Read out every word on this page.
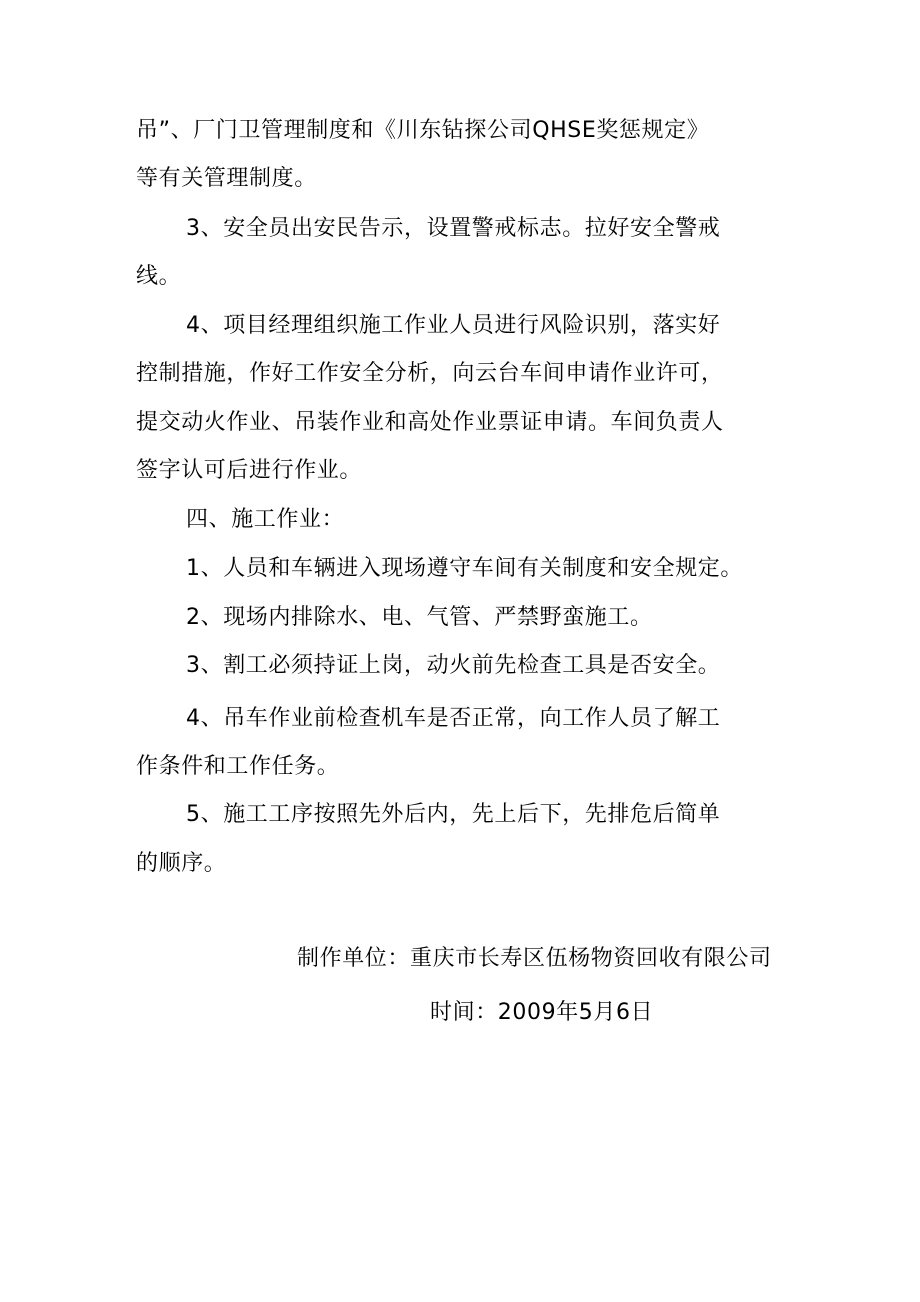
吊”、厂门卫管理制度和《川东钻探公司QHSE奖惩规定》
等有关管理制度。
3、安全员出安民告示，设置警戒标志。拉好安全警戒
线。
4、项目经理组织施工作业人员进行风险识别，落实好
控制措施，作好工作安全分析，向云台车间申请作业许可，
提交动火作业、吊装作业和高处作业票证申请。车间负责人
签字认可后进行作业。
四、施工作业：
1、人员和车辆进入现场遵守车间有关制度和安全规定。
2、现场内排除水、电、气管、严禁野蛮施工。
3、割工必须持证上岗，动火前先检查工具是否安全。
4、吊车作业前检查机车是否正常，向工作人员了解工
作条件和工作任务。
5、施工工序按照先外后内，先上后下，先排危后简单
的顺序。
制作单位：重庆市长寿区伍杨物资回收有限公司
时间：2009年5月6日
